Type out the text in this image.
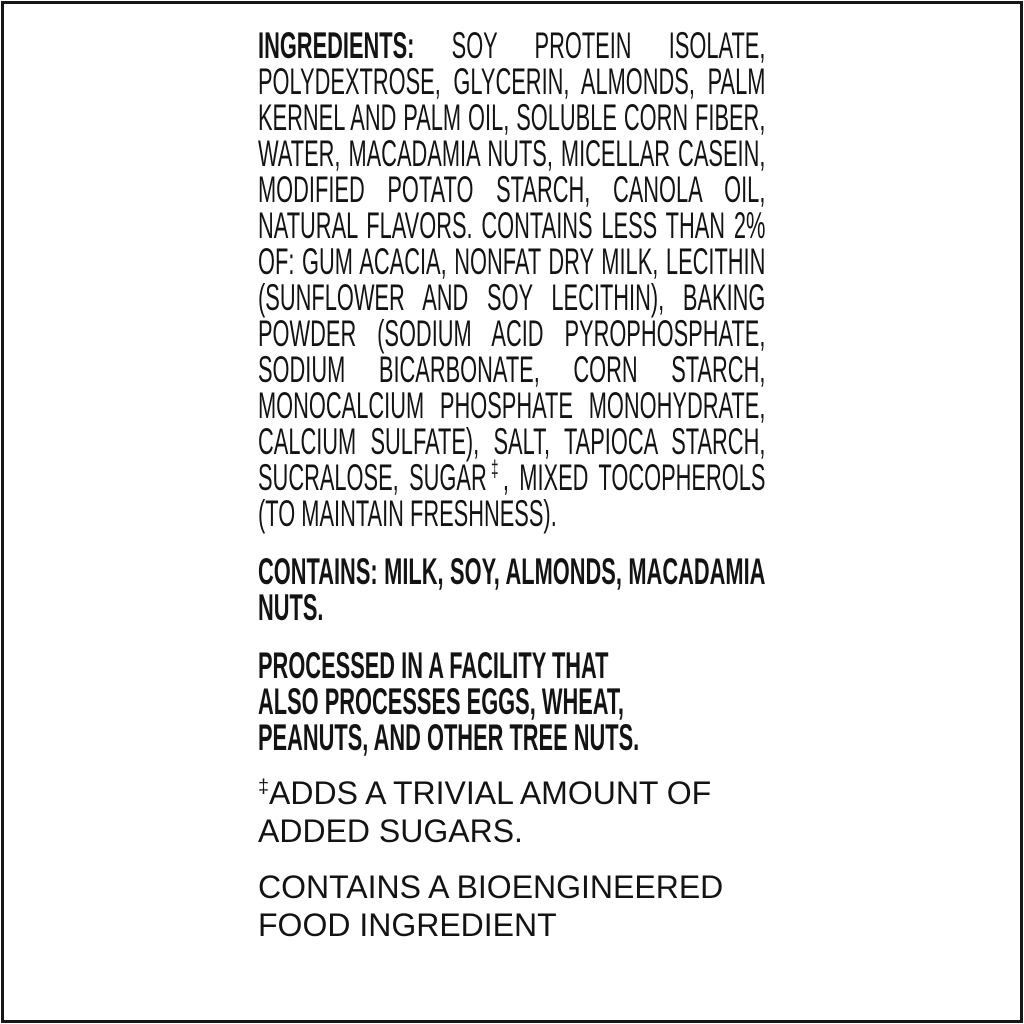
INGREDIENTS: SOY PROTEIN ISOLATE, POLYDEXTROSE, GLYCERIN, ALMONDS, PALM KERNEL AND PALM OIL, SOLUBLE CORN FIBER, WATER, MACADAMIA NUTS, MICELLAR CASEIN, MODIFIED POTATO STARCH, CANOLA OIL, NATURAL FLAVORS. CONTAINS LESS THAN 2% OF: GUM ACACIA, NONFAT DRY MILK, LECITHIN (SUNFLOWER AND SOY LECITHIN), BAKING POWDER (SODIUM ACID PYROPHOSPHATE, SODIUM BICARBONATE, CORN STARCH, MONOCALCIUM PHOSPHATE MONOHYDRATE, CALCIUM SULFATE), SALT, TAPIOCA STARCH, SUCRALOSE, SUGAR‡, MIXED TOCOPHEROLS (TO MAINTAIN FRESHNESS).

CONTAINS: MILK, SOY, ALMONDS, MACADAMIA NUTS.

PROCESSED IN A FACILITY THAT ALSO PROCESSES EGGS, WHEAT, PEANUTS, AND OTHER TREE NUTS.

‡ADDS A TRIVIAL AMOUNT OF ADDED SUGARS.

CONTAINS A BIOENGINEERED FOOD INGREDIENT
